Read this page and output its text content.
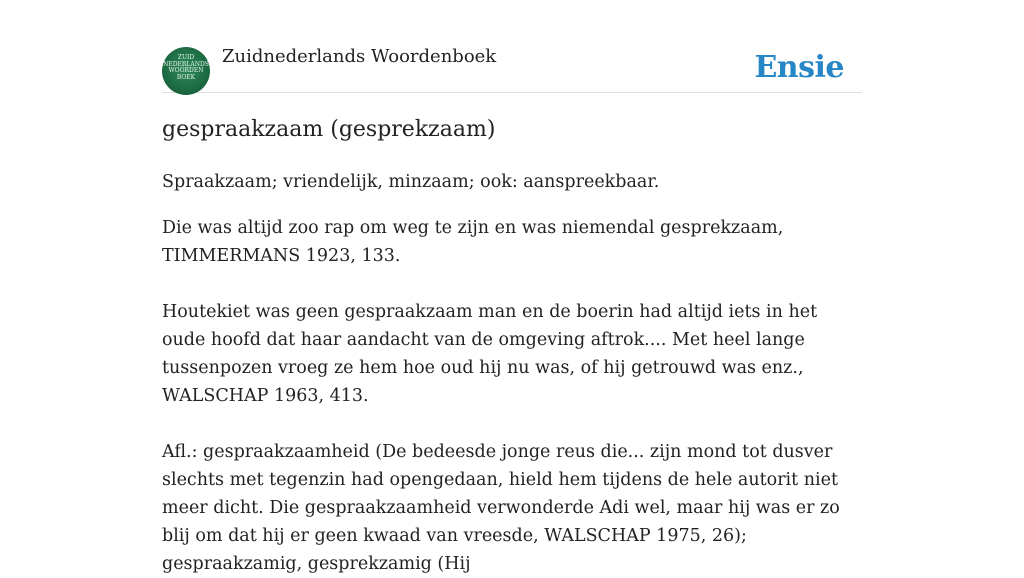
ZUID
NEDERLANDS
WOORDEN
BOEK
Zuidnederlands Woordenboek	Ensie
gespraakzaam (gesprekzaam)

Spraakzaam; vriendelijk, minzaam; ook: aanspreekbaar.

Die was altijd zoo rap om weg te zijn en was niemendal gesprekzaam, TIMMERMANS 1923, 133.

Houtekiet was geen gespraakzaam man en de boerin had altijd iets in het oude hoofd dat haar aandacht van de omgeving aftrok.... Met heel lange tussenpozen vroeg ze hem hoe oud hij nu was, of hij getrouwd was enz., WALSCHAP 1963, 413.

Afl.: gespraakzaamheid (De bedeesde jonge reus die... zijn mond tot dusver slechts met tegenzin had opengedaan, hield hem tijdens de hele autorit niet meer dicht. Die gespraakzaamheid verwonderde Adi wel, maar hij was er zo blij om dat hij er geen kwaad van vreesde, WALSCHAP 1975, 26); gespraakzamig, gesprekzamig (Hij
